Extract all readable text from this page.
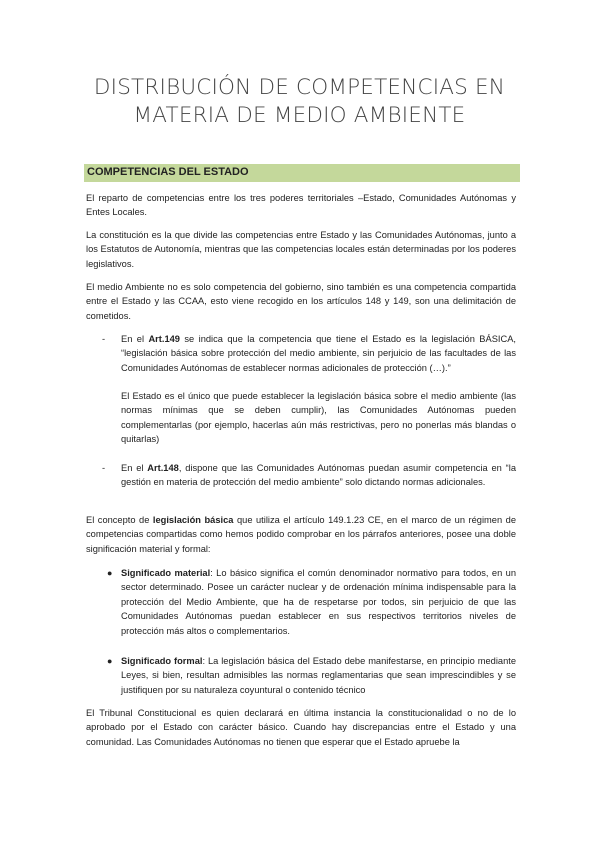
DISTRIBUCIÓN DE COMPETENCIAS EN
MATERIA DE MEDIO AMBIENTE
COMPETENCIAS DEL ESTADO
El reparto de competencias entre los tres poderes territoriales –Estado, Comunidades Autónomas y Entes Locales.
La constitución es la que divide las competencias entre Estado y las Comunidades Autónomas, junto a los Estatutos de Autonomía, mientras que las competencias locales están determinadas por los poderes legislativos.
El medio Ambiente no es solo competencia del gobierno, sino también es una competencia compartida entre el Estado y las CCAA, esto viene recogido en los artículos 148 y 149, son una delimitación de cometidos.
- En el Art.149 se indica que la competencia que tiene el Estado es la legislación BÁSICA, “legislación básica sobre protección del medio ambiente, sin perjuicio de las facultades de las Comunidades Autónomas de establecer normas adicionales de protección (…).”
El Estado es el único que puede establecer la legislación básica sobre el medio ambiente (las normas mínimas que se deben cumplir), las Comunidades Autónomas pueden complementarlas (por ejemplo, hacerlas aún más restrictivas, pero no ponerlas más blandas o quitarlas)
- En el Art.148, dispone que las Comunidades Autónomas puedan asumir competencia en “la gestión en materia de protección del medio ambiente” solo dictando normas adicionales.
El concepto de legislación básica que utiliza el artículo 149.1.23 CE, en el marco de un régimen de competencias compartidas como hemos podido comprobar en los párrafos anteriores, posee una doble significación material y formal:
● Significado material: Lo básico significa el común denominador normativo para todos, en un sector determinado. Posee un carácter nuclear y de ordenación mínima indispensable para la protección del Medio Ambiente, que ha de respetarse por todos, sin perjuicio de que las Comunidades Autónomas puedan establecer en sus respectivos territorios niveles de protección más altos o complementarios.
● Significado formal: La legislación básica del Estado debe manifestarse, en principio mediante Leyes, si bien, resultan admisibles las normas reglamentarias que sean imprescindibles y se justifiquen por su naturaleza coyuntural o contenido técnico
El Tribunal Constitucional es quien declarará en última instancia la constitucionalidad o no de lo aprobado por el Estado con carácter básico. Cuando hay discrepancias entre el Estado y una comunidad. Las Comunidades Autónomas no tienen que esperar que el Estado apruebe la
